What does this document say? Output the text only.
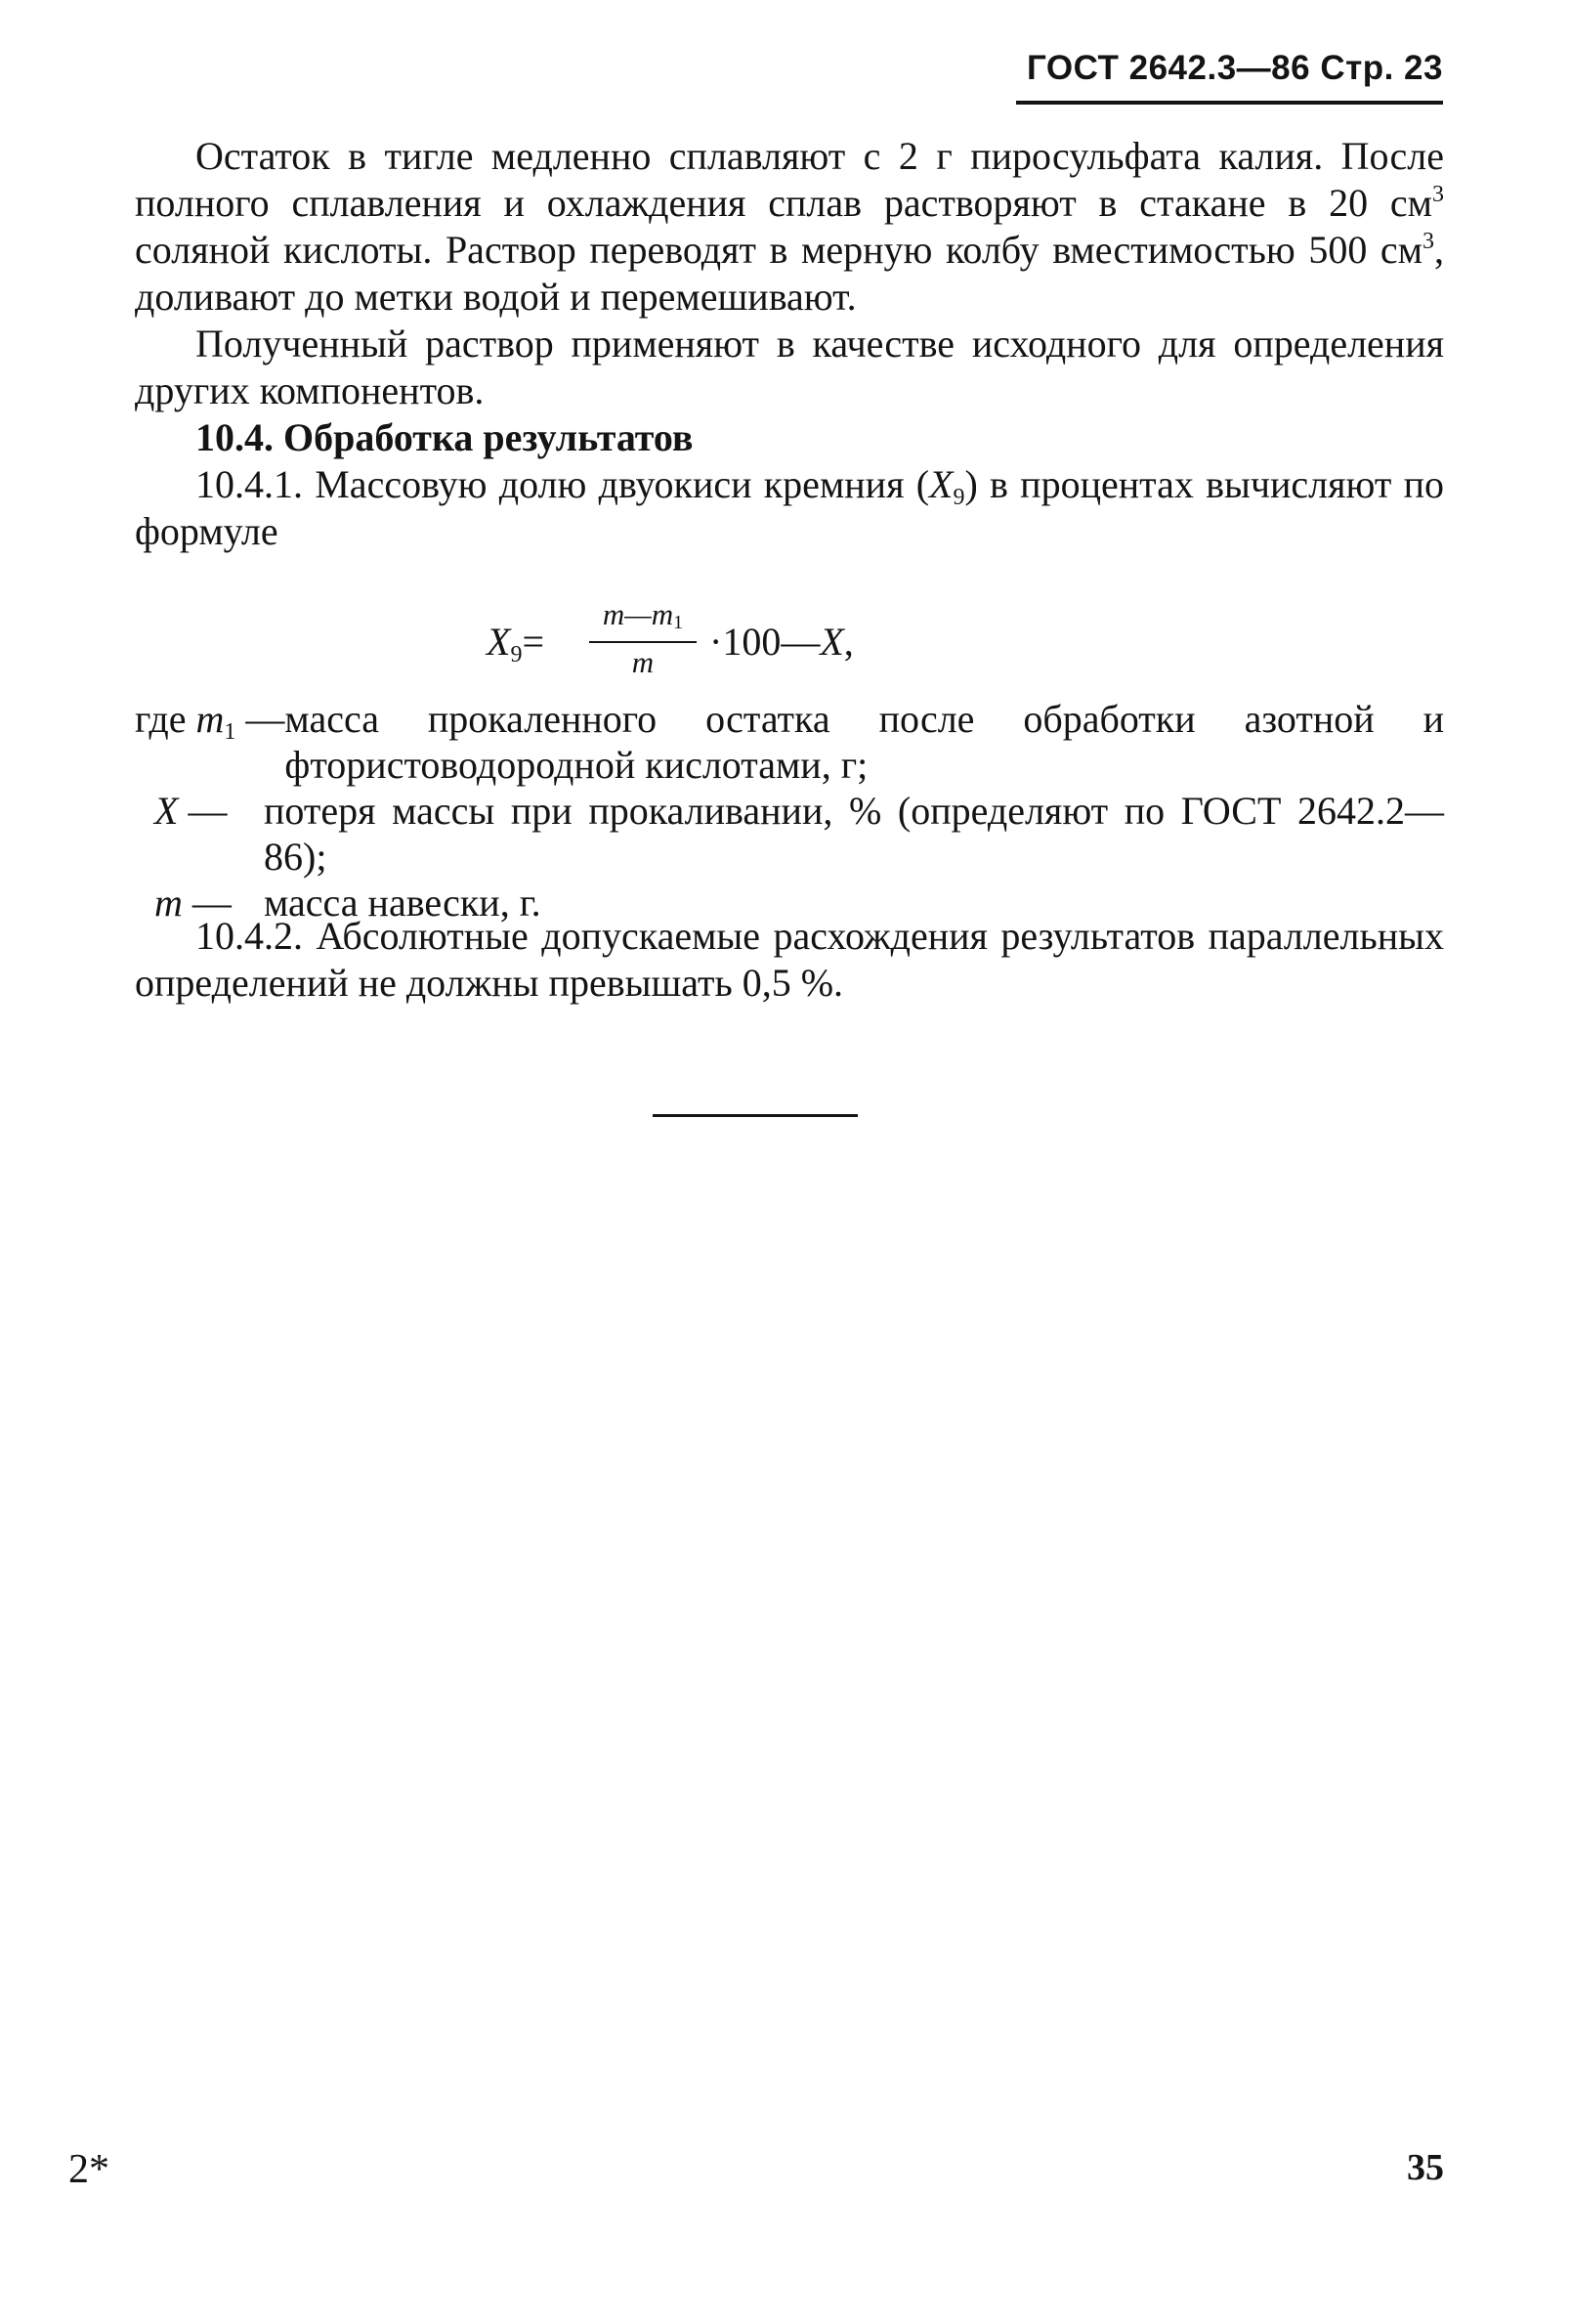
ГОСТ 2642.3—86 Стр. 23

Остаток в тигле медленно сплавляют с 2 г пиросульфата калия. После полного сплавления и охлаждения сплав растворяют в стакане в 20 $см^3$ соляной кислоты. Раствор переводят в мерную колбу вместимостью 500 $см^3$, доливают до метки водой и перемешивают.

Полученный раствор применяют в качестве исходного для определения других компонентов.

10.4. Обработка результатов

10.4.1. Массовую долю двуокиси кремния $(X_9)$ в процентах вычисляют по формуле

$X_9=$
m—m1
m	·100—X,
где $m_1$ — масса прокаленного остатка после обработки азотной и фтористоводородной кислотами, г;
X — потеря массы при прокаливании, % (определяют по ГОСТ 2642.2—86);
m — масса навески, г.

10.4.2. Абсолютные допускаемые расхождения результатов параллельных определений не должны превышать 0,5 %.

2*	35
